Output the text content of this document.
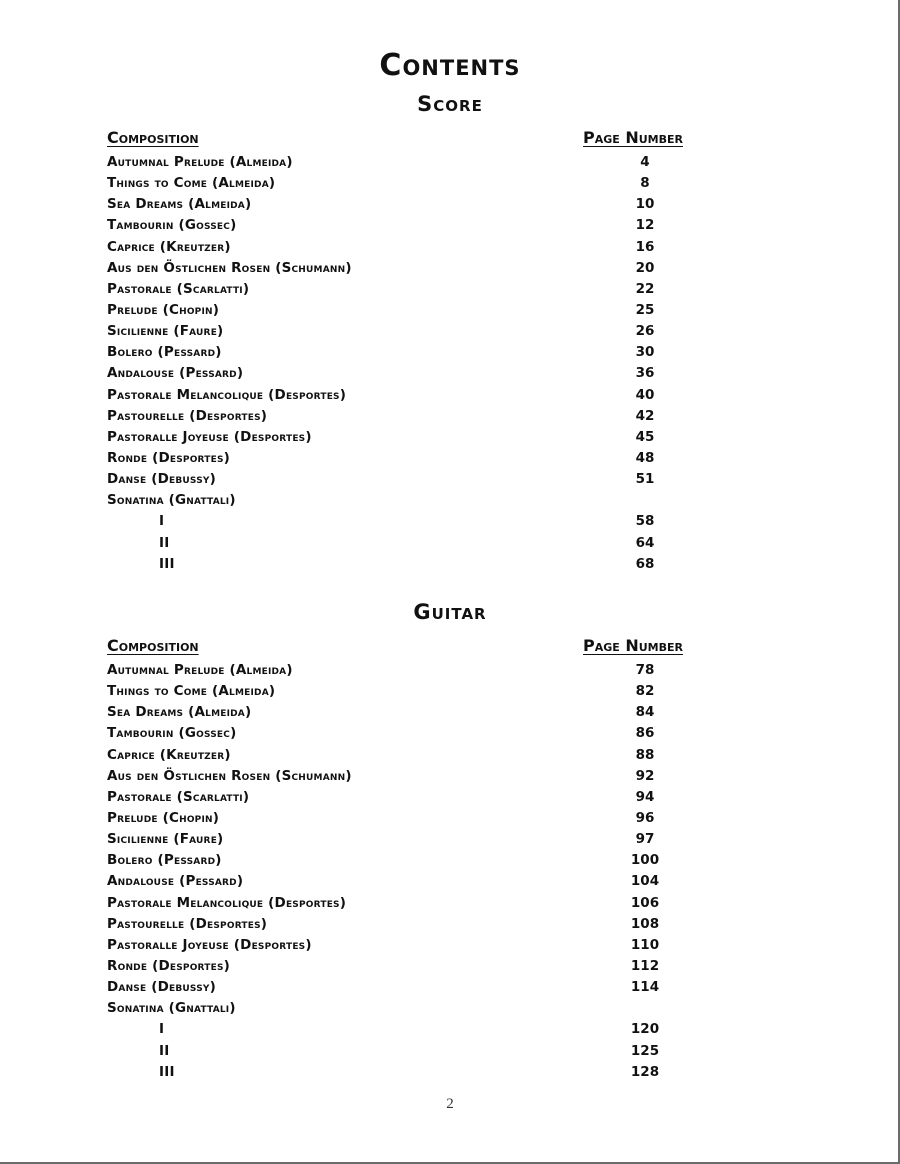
Contents
Score
Composition	Page Number
Autumnal Prelude (Almeida)	4
Things to Come (Almeida)	8
Sea Dreams (Almeida)	10
Tambourin (Gossec)	12
Caprice (Kreutzer)	16
Aus den Östlichen Rosen (Schumann)	20
Pastorale (Scarlatti)	22
Prelude (Chopin)	25
Sicilienne (Faure)	26
Bolero (Pessard)	30
Andalouse (Pessard)	36
Pastorale Melancolique (Desportes)	40
Pastourelle (Desportes)	42
Pastoralle Joyeuse (Desportes)	45
Ronde (Desportes)	48
Danse (Debussy)	51
Sonatina (Gnattali)
I	58
II	64
III	68
Guitar
Composition	Page Number
Autumnal Prelude (Almeida)	78
Things to Come (Almeida)	82
Sea Dreams (Almeida)	84
Tambourin (Gossec)	86
Caprice (Kreutzer)	88
Aus den Östlichen Rosen (Schumann)	92
Pastorale (Scarlatti)	94
Prelude (Chopin)	96
Sicilienne (Faure)	97
Bolero (Pessard)	100
Andalouse (Pessard)	104
Pastorale Melancolique (Desportes)	106
Pastourelle (Desportes)	108
Pastoralle Joyeuse (Desportes)	110
Ronde (Desportes)	112
Danse (Debussy)	114
Sonatina (Gnattali)
I	120
II	125
III	128
2
